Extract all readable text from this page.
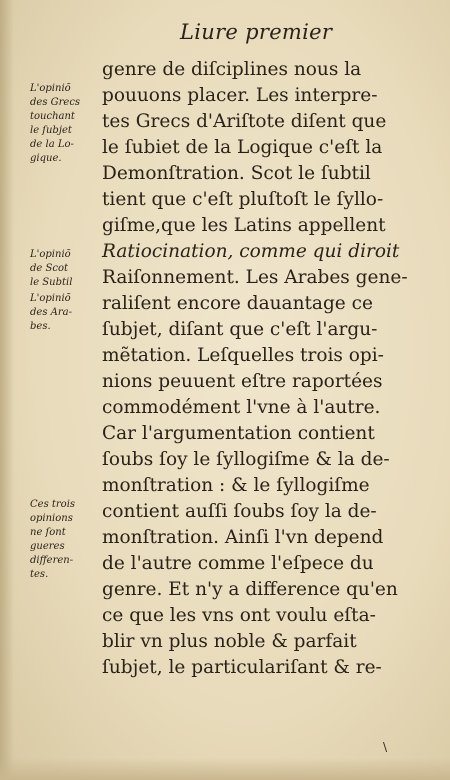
Liure premier
L'opiniõ
des Grecs
touchant
le ſubjet
de la Lo-
gique.
L'opiniõ
de Scot
le Subtil
L'opiniõ
des Ara-
bes.
Ces trois
opinions
ne ſont
gueres
differen-
tes.
genre de diſciplines nous la
pouuons placer. Les interpre-
tes Grecs d'Ariſtote diſent que
le ſubiet de la Logique c'eſt la
Demonſtration. Scot le ſubtil
tient que c'eſt pluſtoſt le ſyllo-
giſme,que les Latins appellent
Ratiocination, comme qui diroit
Raiſonnement. Les Arabes gene-
raliſent encore dauantage ce
ſubjet, diſant que c'eſt l'argu-
mẽtation. Leſquelles trois opi-
nions peuuent eſtre raportées
commodément l'vne à l'autre.
Car l'argumentation contient
ſoubs ſoy le ſyllogiſme & la de-
monſtration : & le ſyllogiſme
contient auſſi ſoubs ſoy la de-
monſtration. Ainſi l'vn depend
de l'autre comme l'eſpece du
genre. Et n'y a difference qu'en
ce que les vns ont voulu eſta-
blir vn plus noble & parfait
ſubjet, le particulariſant & re-
\
